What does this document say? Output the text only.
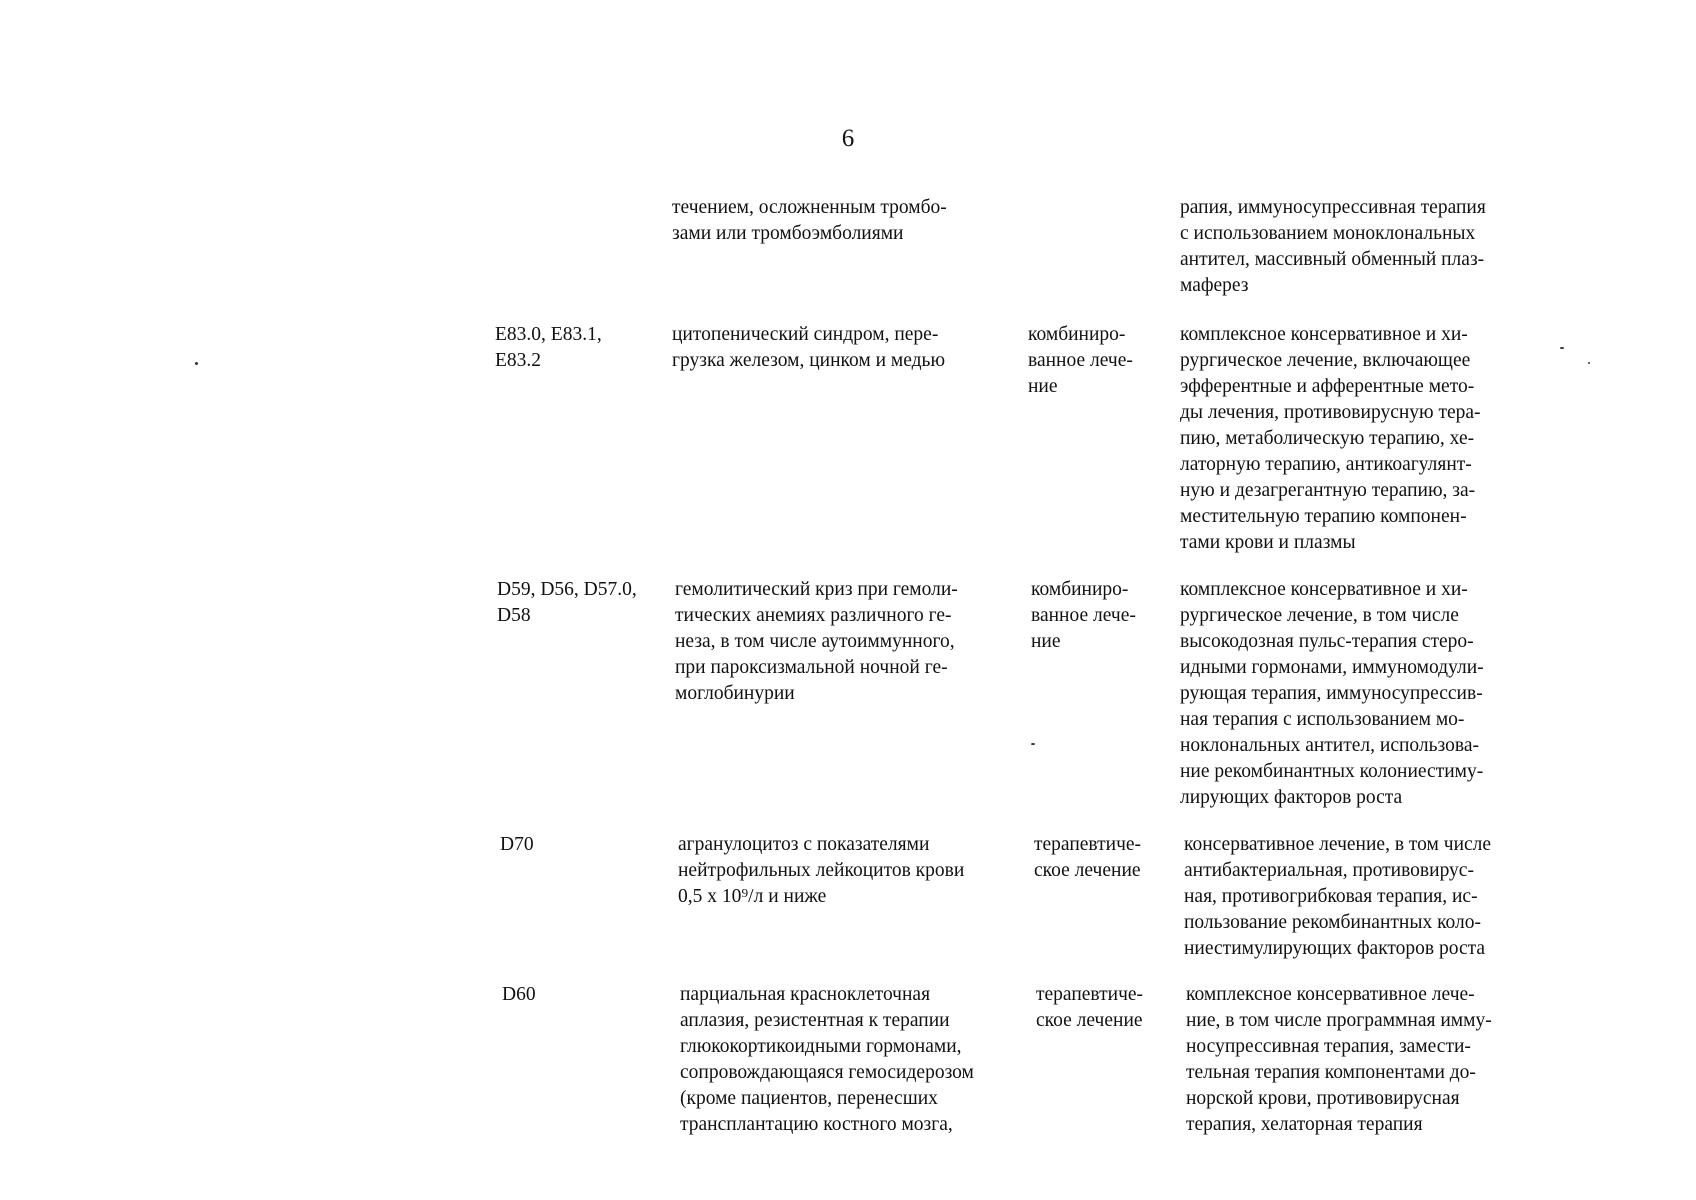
6
течением, осложненным тромбо-
зами или тромбоэмболиями
рапия, иммуносупрессивная терапия
с использованием моноклональных
антител, массивный обменный плаз-
маферез
E83.0, E83.1,
E83.2
цитопенический синдром, пере-
грузка железом, цинком и медью
комбиниро-
ванное лече-
ние
комплексное консервативное и хи-
рургическое лечение, включающее
эфферентные и афферентные мето-
ды лечения, противовирусную тера-
пию, метаболическую терапию, хе-
латорную терапию, антикоагулянт-
ную и дезагрегантную терапию, за-
местительную терапию компонен-
тами крови и плазмы
D59, D56, D57.0,
D58
гемолитический криз при гемоли-
тических анемиях различного ге-
неза, в том числе аутоиммунного,
при пароксизмальной ночной ге-
моглобинурии
комбиниро-
ванное лече-
ние
комплексное консервативное и хи-
рургическое лечение, в том числе
высокодозная пульс-терапия стеро-
идными гормонами, иммуномодули-
рующая терапия, иммуносупрессив-
ная терапия с использованием мо-
ноклональных антител, использова-
ние рекомбинантных колониестиму-
лирующих факторов роста
D70	агранулоцитоз с показателями
нейтрофильных лейкоцитов крови
0,5 х 10⁹/л и ниже
терапевтиче-
ское лечение
консервативное лечение, в том числе
антибактериальная, противовирус-
ная, противогрибковая терапия, ис-
пользование рекомбинантных коло-
ниестимулирующих факторов роста
D60	парциальная красноклеточная
аплазия, резистентная к терапии
глюкокортикоидными гормонами,
сопровождающаяся гемосидерозом
(кроме пациентов, перенесших
трансплантацию костного мозга,
терапевтиче-
ское лечение
комплексное консервативное лече-
ние, в том числе программная имму-
носупрессивная терапия, замести-
тельная терапия компонентами до-
норской крови, противовирусная
терапия, хелаторная терапия
